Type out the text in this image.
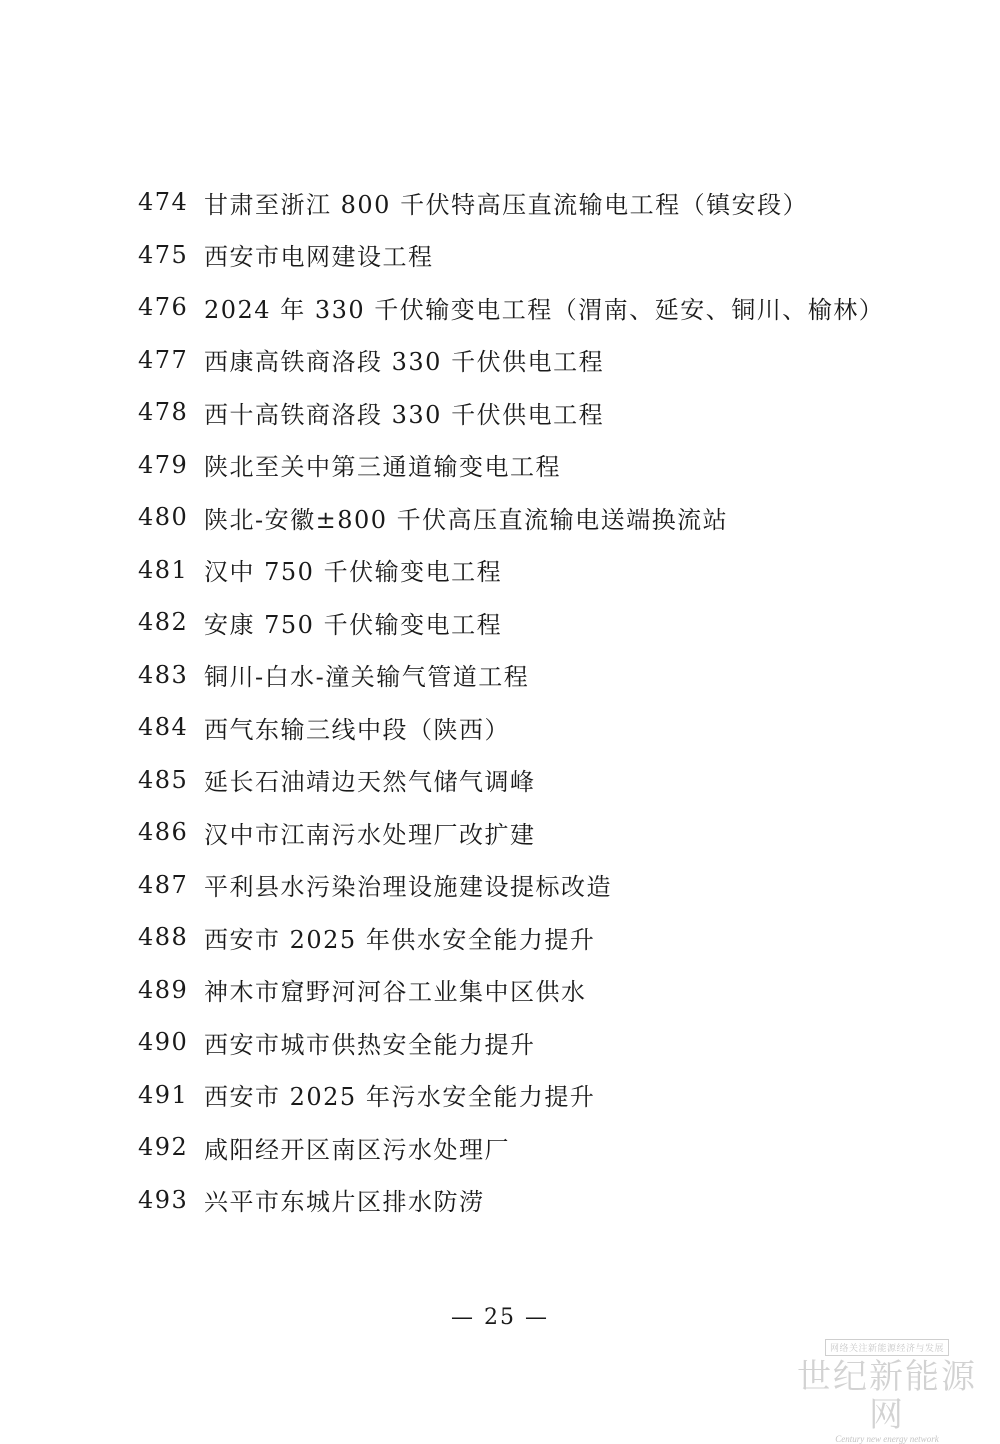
474 甘肃至浙江 800 千伏特高压直流输电工程（镇安段）
475 西安市电网建设工程
476 2024 年 330 千伏输变电工程（渭南、延安、铜川、榆林）
477 西康高铁商洛段 330 千伏供电工程
478 西十高铁商洛段 330 千伏供电工程
479 陕北至关中第三通道输变电工程
480 陕北-安徽±800 千伏高压直流输电送端换流站
481 汉中 750 千伏输变电工程
482 安康 750 千伏输变电工程
483 铜川-白水-潼关输气管道工程
484 西气东输三线中段（陕西）
485 延长石油靖边天然气储气调峰
486 汉中市江南污水处理厂改扩建
487 平利县水污染治理设施建设提标改造
488 西安市 2025 年供水安全能力提升
489 神木市窟野河河谷工业集中区供水
490 西安市城市供热安全能力提升
491 西安市 2025 年污水安全能力提升
492 咸阳经开区南区污水处理厂
493 兴平市东城片区排水防涝
— 25 —
网络关注新能源经济与发展
世纪新能源网
Century new energy network
